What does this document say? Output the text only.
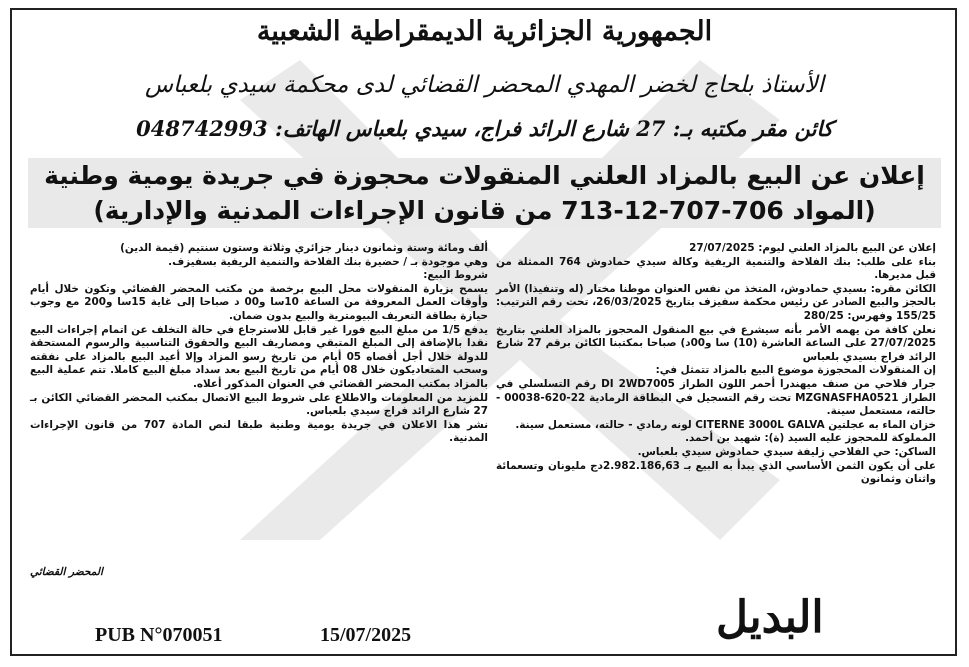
الجمهورية الجزائرية الديمقراطية الشعبية
الأستاذ بلحاج لخضر المهدي المحضر القضائي لدى محكمة سيدي بلعباس
كائن مقر مكتبه بـ: 27 شارع الرائد فراج، سيدي بلعباس الهاتف: 048742993
إعلان عن البيع بالمزاد العلني المنقولات محجوزة في جريدة يومية وطنية
(المواد 706-707-12-713 من قانون الإجراءات المدنية والإدارية)

إعلان عن البيع بالمزاد العلني ليوم: 27/07/2025

بناء على طلب: بنك الفلاحة والتنمية الريفية وكالة سيدي حمادوش 764 الممثلة من قبل مديرها.

الكائن مقره: بسيدي حمادوش، المتخذ من نفس العنوان موطنا مختار (له وتنفيذا) الأمر بالحجز والبيع الصادر عن رئيس محكمة سفيزف بتاريخ 26/03/2025، تحت رقم الترتيب: 155/25 وفهرس: 280/25

نعلن كافة من يهمه الأمر بأنه سيشرع في بيع المنقول المحجوز بالمزاد العلني بتاريخ 27/07/2025 على الساعة العاشرة (10) سا و00د) صباحا بمكتبنا الكائن برقم 27 شارع الرائد فراج بسيدي بلعباس

إن المنقولات المحجوزة موضوع البيع بالمزاد تتمثل في:

جرار فلاحي من صنف ميهندرا أحمر اللون الطراز DI 2WD7005 رقم التسلسلي في الطراز MZGNASFHA0521 تحت رقم التسجيل في البطاقة الرمادية 22-620-00038 - حالته، مستعمل سينة.

خزان الماء به عجلتين CITERNE 3000L GALVA لونه رمادي - حالته، مستعمل سينة.

المملوكة للمحجوز عليه السيد (ة): شهيد بن أحمد.

الساكن: حي الفلاحي زليفة سيدي حمادوش سيدي بلعباس.

على أن يكون الثمن الأساسي الذي يبدأ به البيع بـ 2.982.186,63دج مليونان وتسعمائة واثنان وثمانون

ألف ومائة وستة وثمانون دينار جزائري وثلاثة وستون سنتيم (قيمة الدين)

وهي موجودة بـ / حضيرة بنك الفلاحة والتنمية الريفية بسفيزف.

شروط البيع:

يسمح بزيارة المنقولات محل البيع برخصة من مكتب المحضر القضائي وتكون خلال أيام وأوقات العمل المعروفة من الساعة 10سا و00 د صباحا إلى غاية 15سا و200 مع وجوب حيازة بطاقة التعريف البيومترية والبيع بدون ضمان.

يدفع 1/5 من مبلغ البيع فورا غير قابل للاسترجاع في حالة التخلف عن اتمام إجراءات البيع نقدا بالإضافة إلى المبلغ المتبقي ومصاريف البيع والحقوق التناسبية والرسوم المستحقة للدولة خلال أجل أقصاه 05 أيام من تاريخ رسو المزاد وإلا أعيد البيع بالمزاد على نفقته وسحب المتعاديكون خلال 08 أيام من تاريخ البيع بعد سداد مبلغ البيع كاملا. تتم عملية البيع بالمزاد بمكتب المحضر القضائي في العنوان المذكور أعلاه.

للمزيد من المعلومات والاطلاع على شروط البيع الاتصال بمكتب المحضر القضائي الكائن بـ 27 شارع الرائد فراج سيدي بلعباس.

نشر هذا الاعلان في جريدة يومية وطنية طبقا لنص المادة 707 من قانون الإجراءات المدنية.

المحضر القضائي
البديل
PUB N°070051	15/07/2025
